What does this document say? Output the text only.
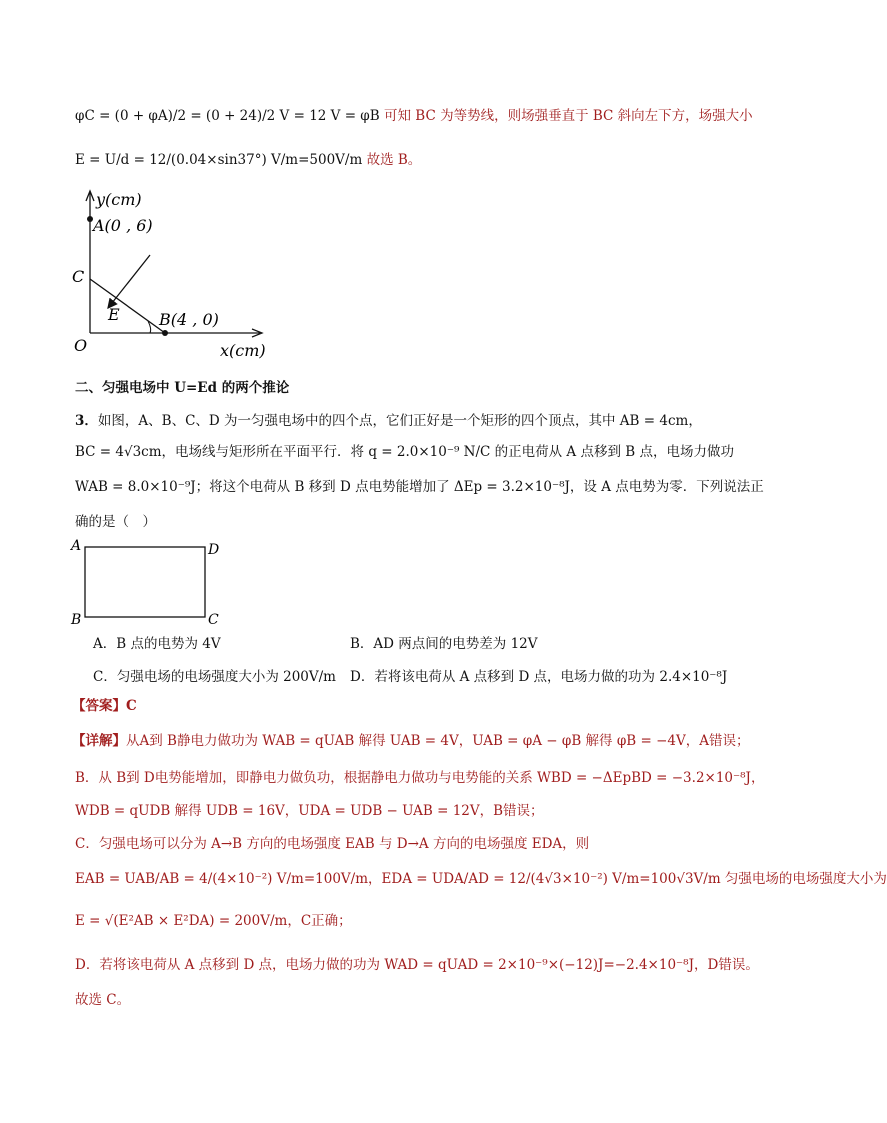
φC = (0 + φA)/2 = (0 + 24)/2 V = 12 V = φB 可知 BC 为等势线，则场强垂直于 BC 斜向左下方，场强大小
E = U/d = 12/(0.04×sin37°) V/m=500V/m 故选 B。
y(cm)
A(0 , 6)
C
E B(4 , 0)
O	x(cm)
二、匀强电场中 U=Ed 的两个推论
3．如图，A、B、C、D 为一匀强电场中的四个点，它们正好是一个矩形的四个顶点，其中 AB = 4cm，
BC = 4√3cm，电场线与矩形所在平面平行．将 q = 2.0×10⁻⁹ N/C 的正电荷从 A 点移到 B 点，电场力做功
WAB = 8.0×10⁻⁹J；将这个电荷从 B 移到 D 点电势能增加了 ΔEp = 3.2×10⁻⁸J，设 A 点电势为零．下列说法正
确的是（　）
A	D
B	C
A．B 点的电势为 4V	B．AD 两点间的电势差为 12V
C．匀强电场的电场强度大小为 200V/m D．若将该电荷从 A 点移到 D 点，电场力做的功为 2.4×10⁻⁸J
【答案】C
【详解】从A到 B静电力做功为 WAB = qUAB 解得 UAB = 4V，UAB = φA − φB 解得 φB = −4V，A错误；
B．从 B到 D电势能增加，即静电力做负功，根据静电力做功与电势能的关系 WBD = −ΔEpBD = −3.2×10⁻⁸J，
WDB = qUDB 解得 UDB = 16V，UDA = UDB − UAB = 12V，B错误；
C．匀强电场可以分为 A→B 方向的电场强度 EAB 与 D→A 方向的电场强度 EDA，则
EAB = UAB/AB = 4/(4×10⁻²) V/m=100V/m，EDA = UDA/AD = 12/(4√3×10⁻²) V/m=100√3V/m 匀强电场的电场强度大小为
E = √(E²AB × E²DA) = 200V/m，C正确；
D．若将该电荷从 A 点移到 D 点，电场力做的功为 WAD = qUAD = 2×10⁻⁹×(−12)J=−2.4×10⁻⁸J，D错误。
故选 C。
